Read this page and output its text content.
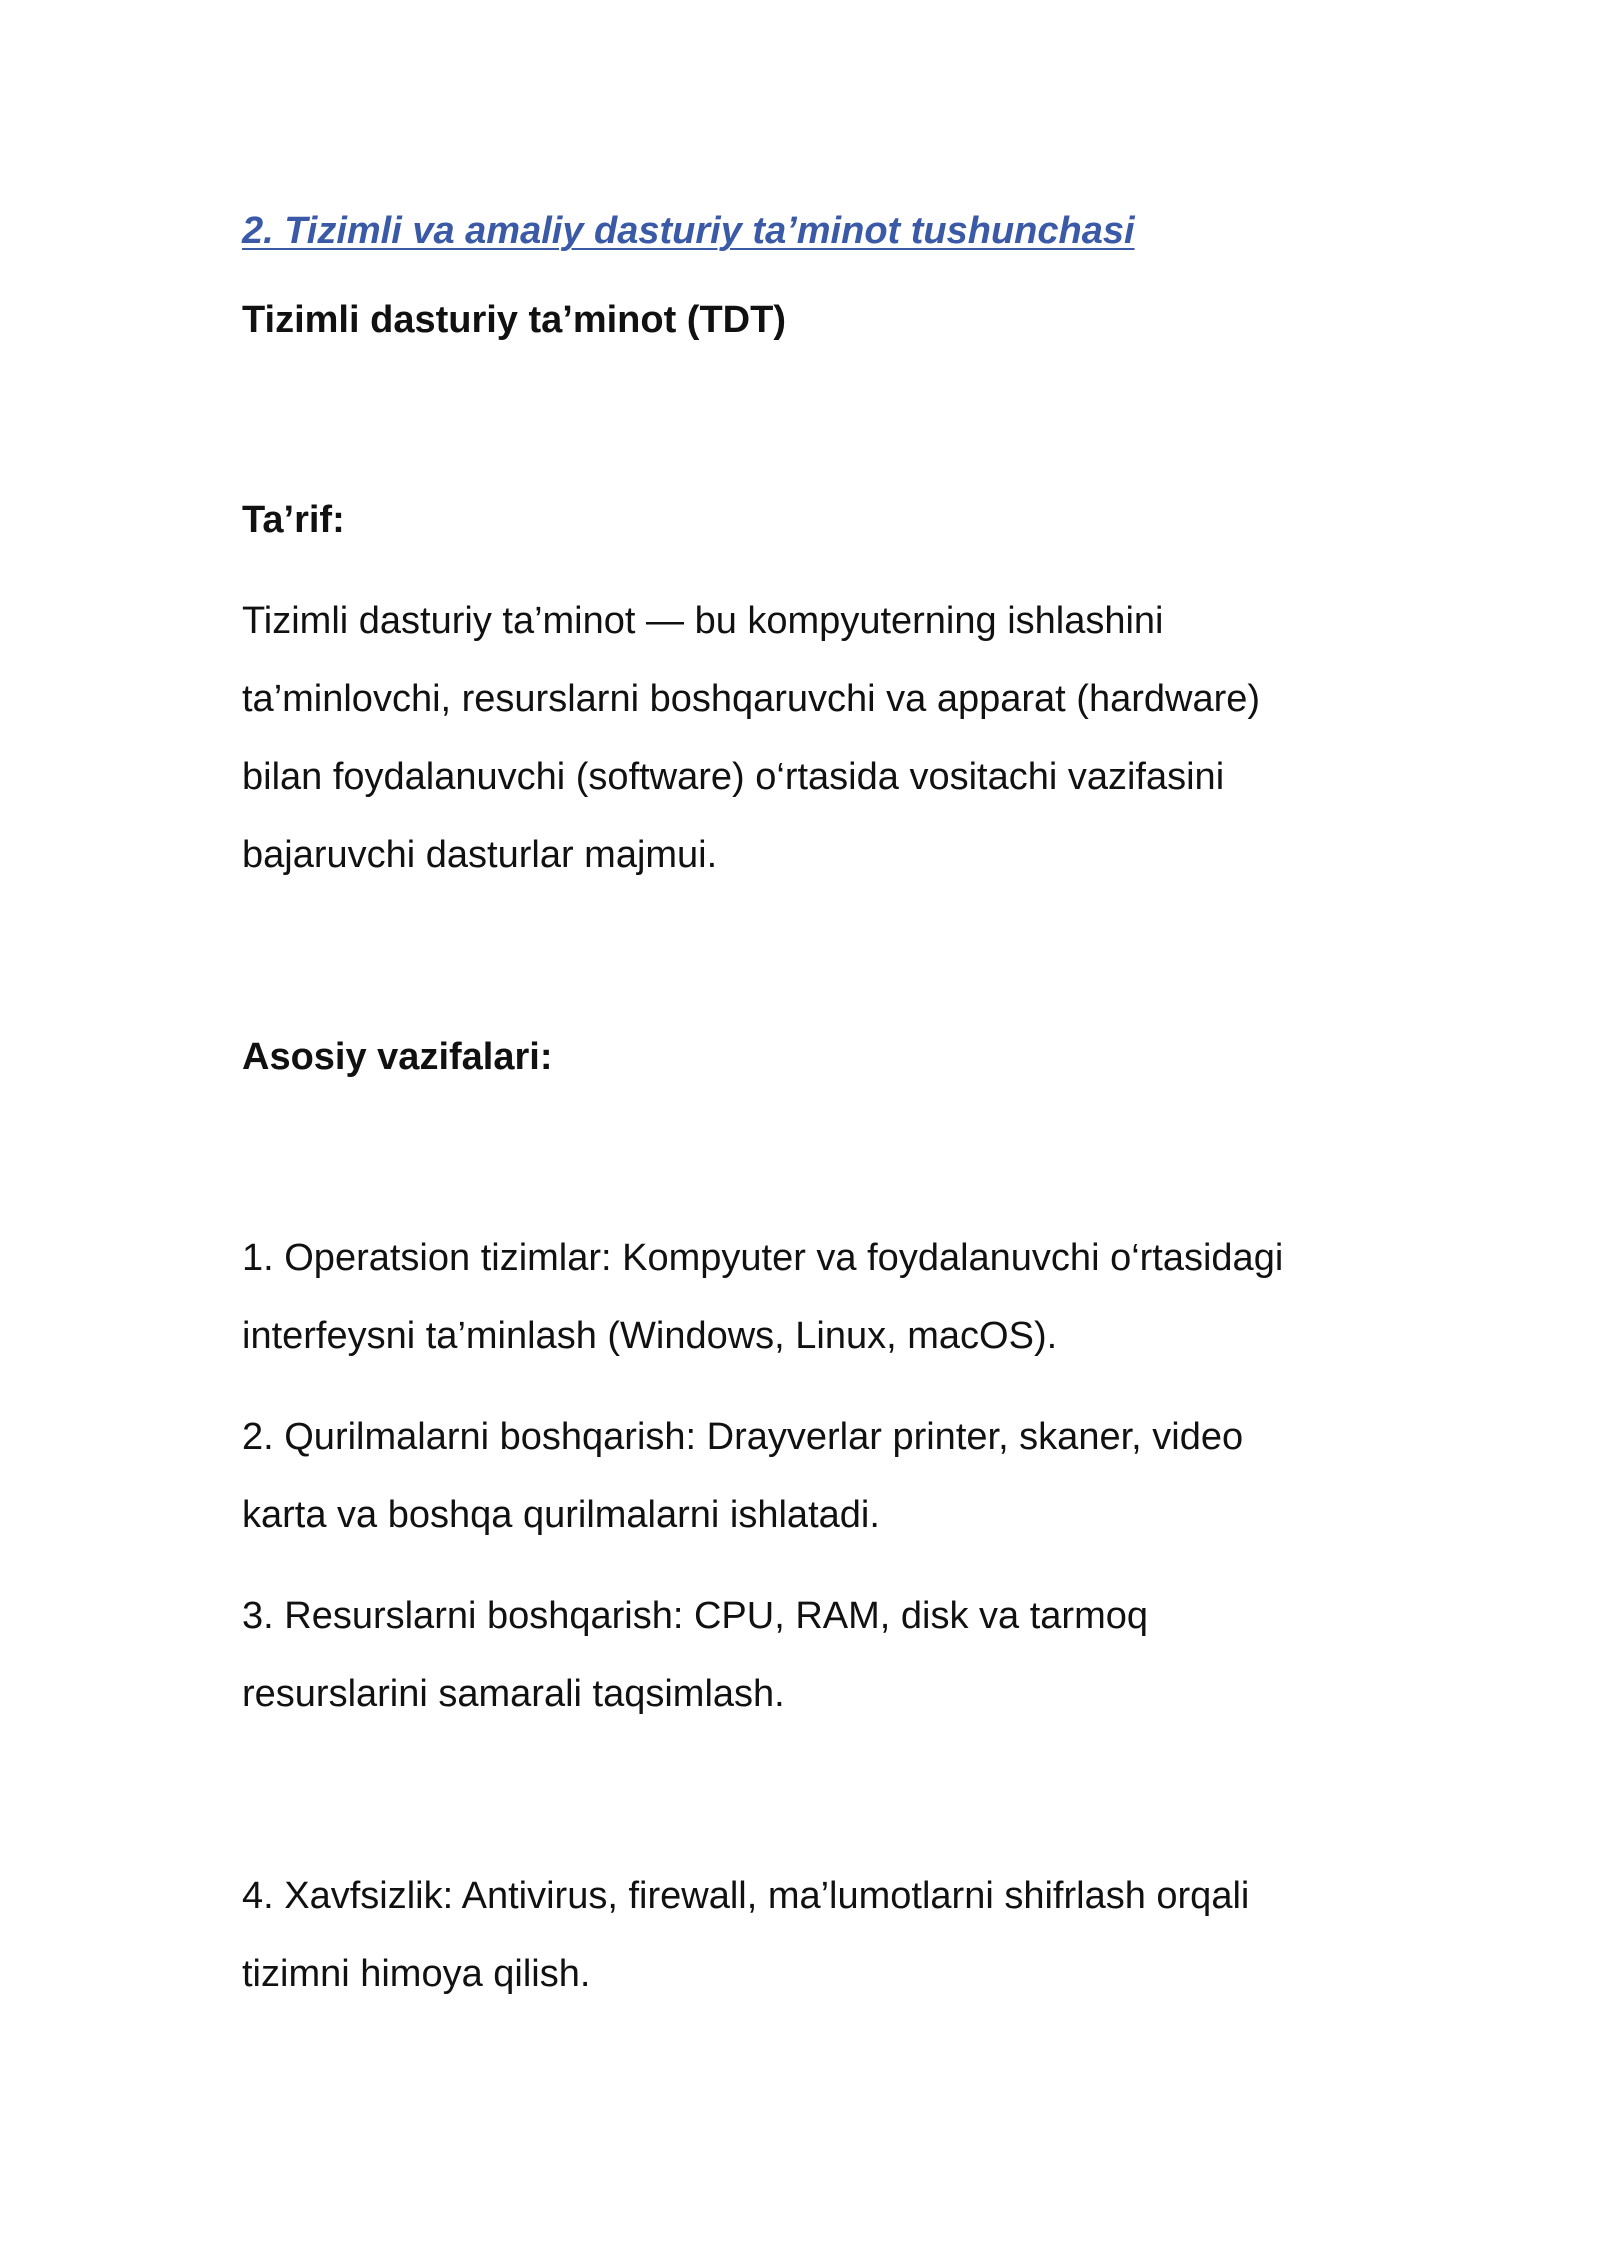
2. Tizimli va amaliy dasturiy ta’minot tushunchasi

Tizimli dasturiy ta’minot (TDT)

Ta’rif:

Tizimli dasturiy ta’minot — bu kompyuterning ishlashini
ta’minlovchi, resurslarni boshqaruvchi va apparat (hardware)
bilan foydalanuvchi (software) o‘rtasida vositachi vazifasini
bajaruvchi dasturlar majmui.

Asosiy vazifalari:

1. Operatsion tizimlar: Kompyuter va foydalanuvchi o‘rtasidagi
interfeysni ta’minlash (Windows, Linux, macOS).
2. Qurilmalarni boshqarish: Drayverlar printer, skaner, video
karta va boshqa qurilmalarni ishlatadi.
3. Resurslarni boshqarish: CPU, RAM, disk va tarmoq
resurslarini samarali taqsimlash.
4. Xavfsizlik: Antivirus, firewall, ma’lumotlarni shifrlash orqali
tizimni himoya qilish.
